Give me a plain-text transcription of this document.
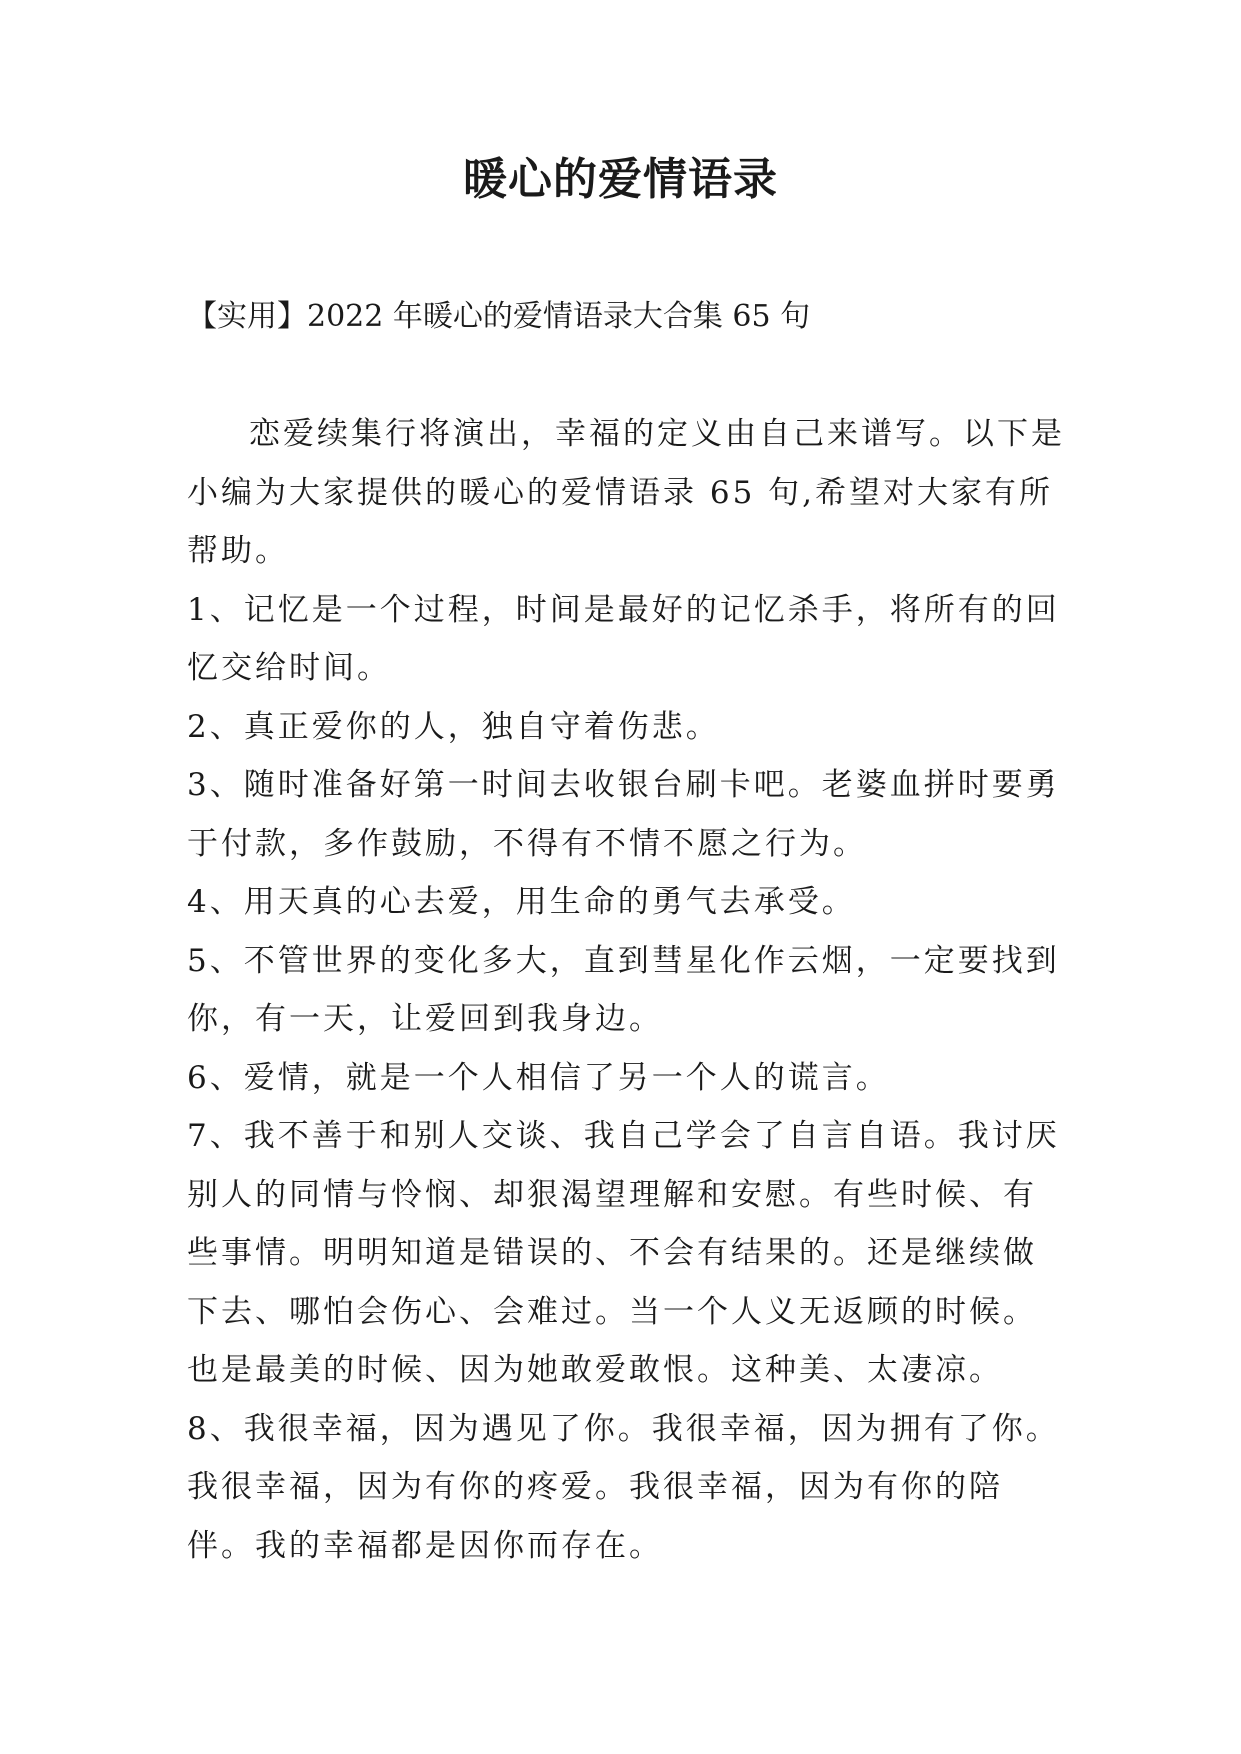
暖心的爱情语录
【实用】2022 年暖心的爱情语录大合集 65 句

恋爱续集行将演出，幸福的定义由自己来谱写。以下是小编为大家提供的暖心的爱情语录 65 句,希望对大家有所帮助。

1、记忆是一个过程，时间是最好的记忆杀手，将所有的回忆交给时间。

2、真正爱你的人，独自守着伤悲。

3、随时准备好第一时间去收银台刷卡吧。老婆血拼时要勇于付款，多作鼓励，不得有不情不愿之行为。

4、用天真的心去爱，用生命的勇气去承受。

5、不管世界的变化多大，直到彗星化作云烟，一定要找到你，有一天，让爱回到我身边。

6、爱情，就是一个人相信了另一个人的谎言。

7、我不善于和别人交谈、我自己学会了自言自语。我讨厌别人的同情与怜悯、却狠渴望理解和安慰。有些时候、有些事情。明明知道是错误的、不会有结果的。还是继续做下去、哪怕会伤心、会难过。当一个人义无返顾的时候。也是最美的时候、因为她敢爱敢恨。这种美、太凄凉。

8、我很幸福，因为遇见了你。我很幸福，因为拥有了你。我很幸福，因为有你的疼爱。我很幸福，因为有你的陪伴。我的幸福都是因你而存在。
